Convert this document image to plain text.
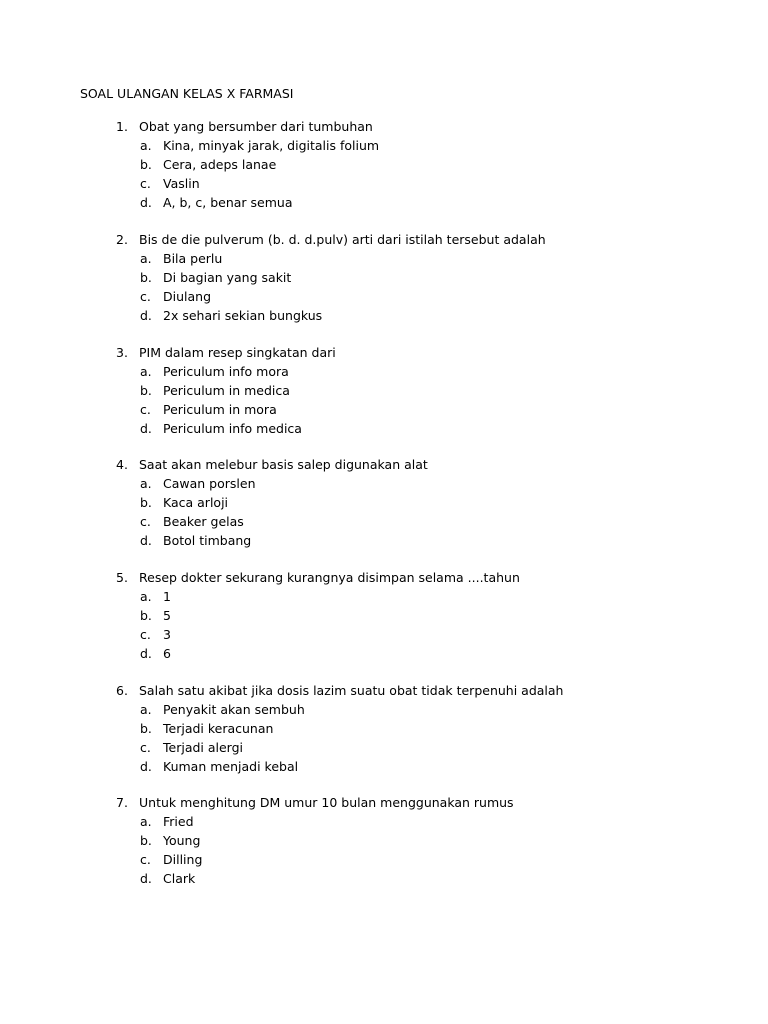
SOAL ULANGAN KELAS X FARMASI
1. Obat yang bersumber dari tumbuhan
a. Kina, minyak jarak, digitalis folium
b. Cera, adeps lanae
c. Vaslin
d. A, b, c, benar semua
2. Bis de die pulverum (b. d. d.pulv) arti dari istilah tersebut adalah
a. Bila perlu
b. Di bagian yang sakit
c. Diulang
d. 2x sehari sekian bungkus
3. PIM dalam resep singkatan dari
a. Periculum info mora
b. Periculum in medica
c. Periculum in mora
d. Periculum info medica
4. Saat akan melebur basis salep digunakan alat
a. Cawan porslen
b. Kaca arloji
c. Beaker gelas
d. Botol timbang
5. Resep dokter sekurang kurangnya disimpan selama ....tahun
a. 1
b. 5
c. 3
d. 6
6. Salah satu akibat jika dosis lazim suatu obat tidak terpenuhi adalah
a. Penyakit akan sembuh
b. Terjadi keracunan
c. Terjadi alergi
d. Kuman menjadi kebal
7. Untuk menghitung DM umur 10 bulan menggunakan rumus
a. Fried
b. Young
c. Dilling
d. Clark
